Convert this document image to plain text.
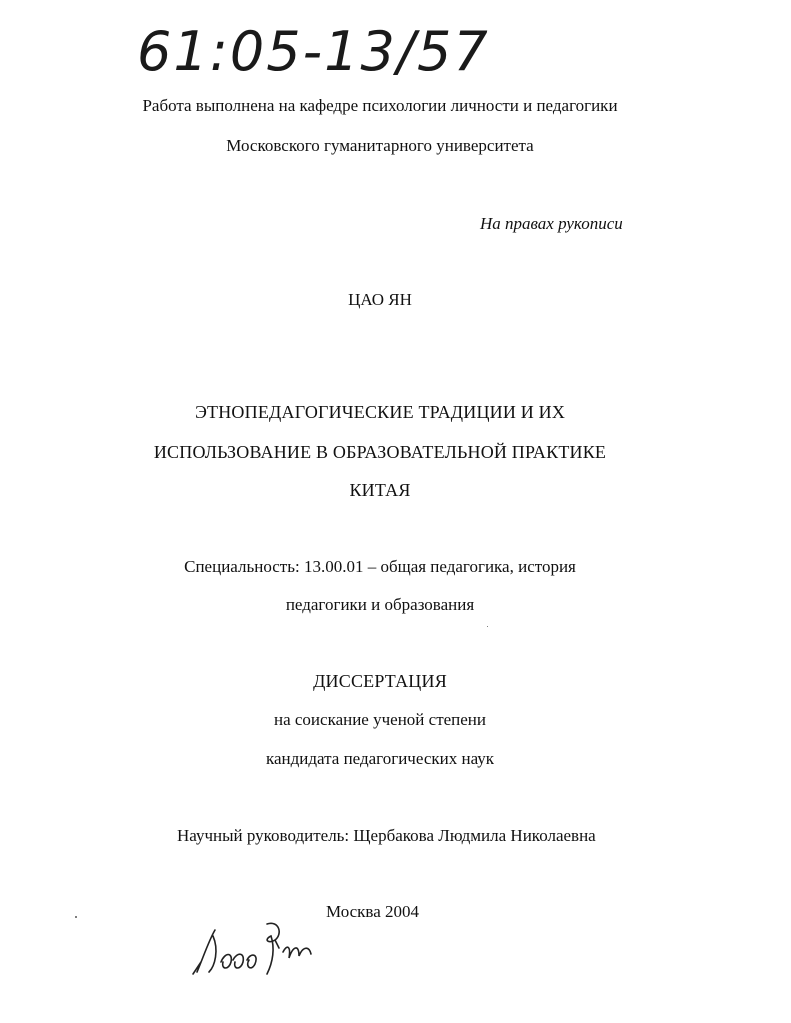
61:05-13/57
Работа выполнена на кафедре психологии личности и педагогики
Московского гуманитарного университета
На правах рукописи
ЦАО ЯН
ЭТНОПЕДАГОГИЧЕСКИЕ ТРАДИЦИИ И ИХ
ИСПОЛЬЗОВАНИЕ В ОБРАЗОВАТЕЛЬНОЙ ПРАКТИКЕ
КИТАЯ
Специальность: 13.00.01 – общая педагогика, история
педагогики и образования
ДИССЕРТАЦИЯ
на соискание ученой степени
кандидата педагогических наук
Научный руководитель: Щербакова Людмила Николаевна
Москва 2004
